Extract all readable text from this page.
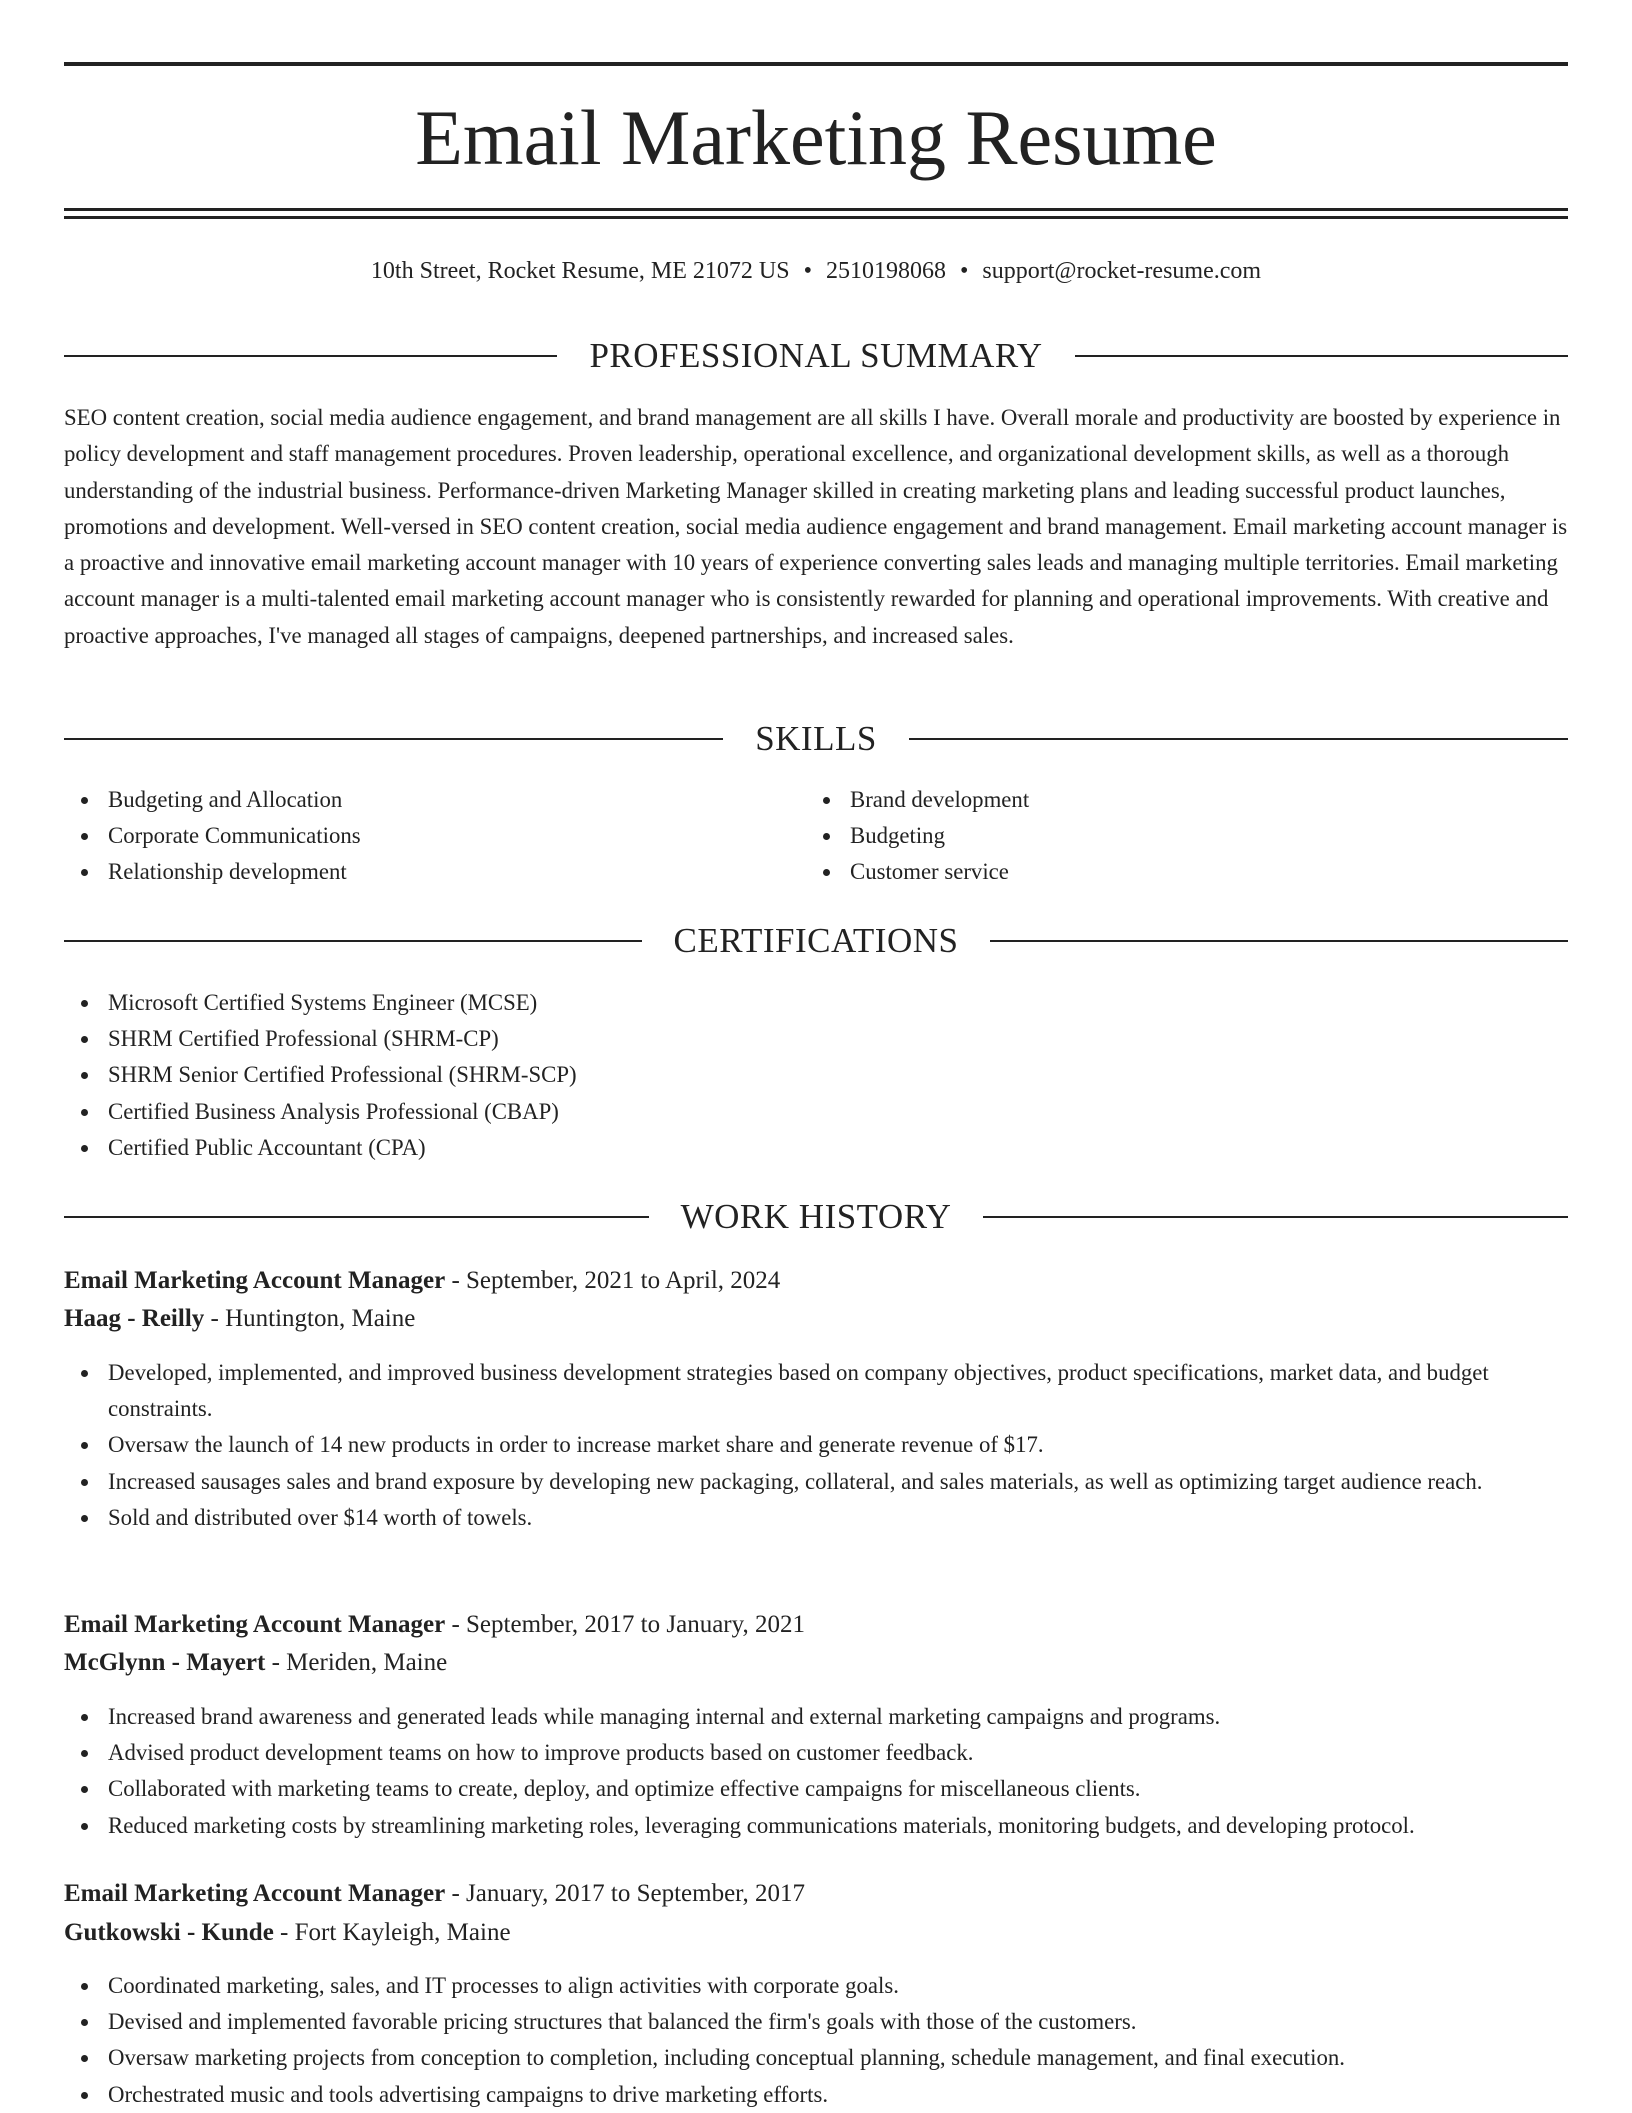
Email Marketing Resume
10th Street, Rocket Resume, ME 21072 US • 2510198068 • support@rocket-resume.com
PROFESSIONAL SUMMARY

SEO content creation, social media audience engagement, and brand management are all skills I have. Overall morale and productivity are boosted by experience in policy development and staff management procedures. Proven leadership, operational excellence, and organizational development skills, as well as a thorough understanding of the industrial business. Performance-driven Marketing Manager skilled in creating marketing plans and leading successful product launches, promotions and development. Well-versed in SEO content creation, social media audience engagement and brand management. Email marketing account manager is a proactive and innovative email marketing account manager with 10 years of experience converting sales leads and managing multiple territories. Email marketing account manager is a multi-talented email marketing account manager who is consistently rewarded for planning and operational improvements. With creative and proactive approaches, I've managed all stages of campaigns, deepened partnerships, and increased sales.

SKILLS
Budgeting and Allocation
Corporate Communications
Relationship development
Brand development
Budgeting
Customer service
CERTIFICATIONS
Microsoft Certified Systems Engineer (MCSE)
SHRM Certified Professional (SHRM-CP)
SHRM Senior Certified Professional (SHRM-SCP)
Certified Business Analysis Professional (CBAP)
Certified Public Accountant (CPA)
WORK HISTORY
Email Marketing Account Manager - September, 2021 to April, 2024
Haag - Reilly - Huntington, Maine
Developed, implemented, and improved business development strategies based on company objectives, product specifications, market data, and budget constraints.
Oversaw the launch of 14 new products in order to increase market share and generate revenue of $17.
Increased sausages sales and brand exposure by developing new packaging, collateral, and sales materials, as well as optimizing target audience reach.
Sold and distributed over $14 worth of towels.
Email Marketing Account Manager - September, 2017 to January, 2021
McGlynn - Mayert - Meriden, Maine
Increased brand awareness and generated leads while managing internal and external marketing campaigns and programs.
Advised product development teams on how to improve products based on customer feedback.
Collaborated with marketing teams to create, deploy, and optimize effective campaigns for miscellaneous clients.
Reduced marketing costs by streamlining marketing roles, leveraging communications materials, monitoring budgets, and developing protocol.
Email Marketing Account Manager - January, 2017 to September, 2017
Gutkowski - Kunde - Fort Kayleigh, Maine
Coordinated marketing, sales, and IT processes to align activities with corporate goals.
Devised and implemented favorable pricing structures that balanced the firm's goals with those of the customers.
Oversaw marketing projects from conception to completion, including conceptual planning, schedule management, and final execution.
Orchestrated music and tools advertising campaigns to drive marketing efforts.
